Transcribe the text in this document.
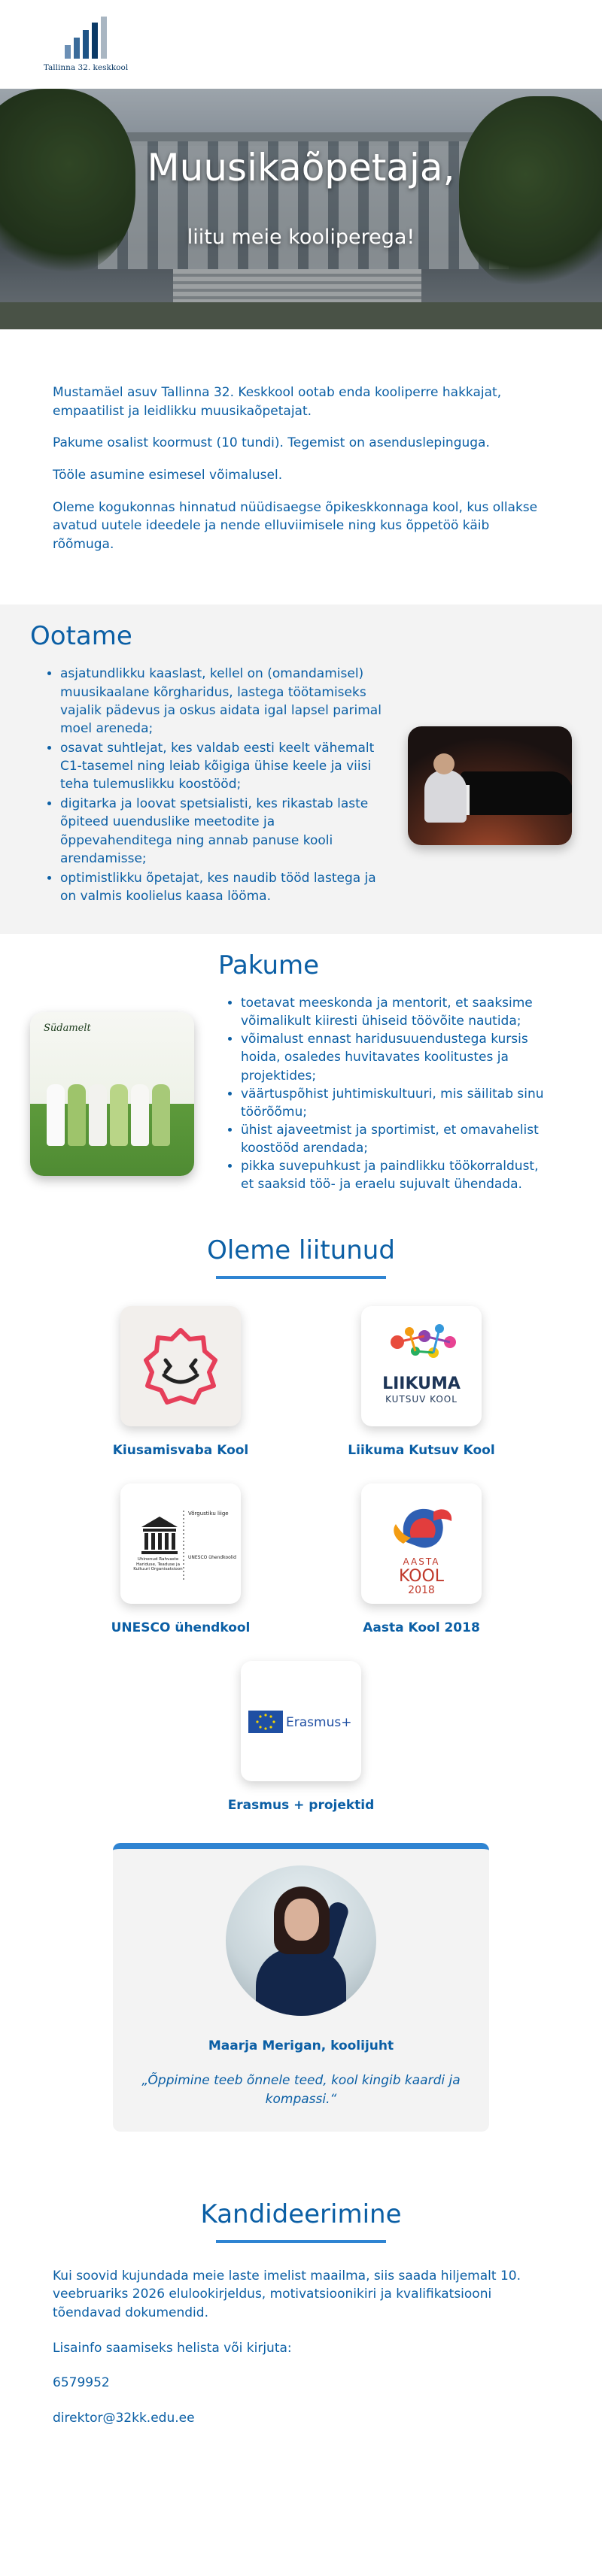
Tallinna 32. keskkool
Muusikaõpetaja,
liitu meie kooliperega!

Mustamäel asuv Tallinna 32. Keskkool ootab enda kooliperre hakkajat, empaatilist ja leidlikku muusikaõpetajat.

Pakume osalist koormust (10 tundi). Tegemist on asenduslepinguga.

Tööle asumine esimesel võimalusel.

Oleme kogukonnas hinnatud nüüdisaegse õpikeskkonnaga kool, kus ollakse avatud uutele ideedele ja nende elluviimisele ning kus õppetöö käib rõõmuga.

Ootame
• asjatundlikku kaaslast, kellel on (omandamisel) muusikaalane kõrgharidus, lastega töötamiseks vajalik pädevus ja oskus aidata igal lapsel parimal moel areneda;
• osavat suhtlejat, kes valdab eesti keelt vähemalt C1-tasemel ning leiab kõigiga ühise keele ja viisi teha tulemuslikku koostööd;
• digitarka ja loovat spetsialisti, kes rikastab laste õpiteed uuenduslike meetodite ja õppevahenditega ning annab panuse kooli arendamisse;
• optimistlikku õpetajat, kes naudib tööd lastega ja on valmis koolielus kaasa lööma.
Pakume
Südamelt
• toetavat meeskonda ja mentorit, et saaksime võimalikult kiiresti ühiseid töövõite nautida;
• võimalust ennast haridusuuendustega kursis hoida, osaledes huvitavates koolitustes ja projektides;
• väärtuspõhist juhtimiskultuuri, mis säilitab sinu töörõõmu;
• ühist ajaveetmist ja sportimist, et omavahelist koostööd arendada;
• pikka suvepuhkust ja paindlikku töökorraldust, et saaksid töö- ja eraelu sujuvalt ühendada.
Oleme liitunud
Kiusamisvaba Kool
LIIKUMA
KUTSUV KOOL
Liikuma Kutsuv Kool
Võrgustiku liige
UNESCO ühendkoolid
Ühinenud Rahvaste Hariduse, Teaduse ja Kultuuri Organisatsioon
UNESCO ühendkool
AASTA
KOOL
2018
Aasta Kool 2018
Erasmus+
Erasmus + projektid
Maarja Merigan, koolijuht
„Õppimine teeb õnnele teed, kool kingib kaardi ja kompassi.“
Kandideerimine

Kui soovid kujundada meie laste imelist maailma, siis saada hiljemalt 10. veebruariks 2026 elulookirjeldus, motivatsioonikiri ja kvalifikatsiooni tõendavad dokumendid.

Lisainfo saamiseks helista või kirjuta:

6579952

direktor@32kk.edu.ee
